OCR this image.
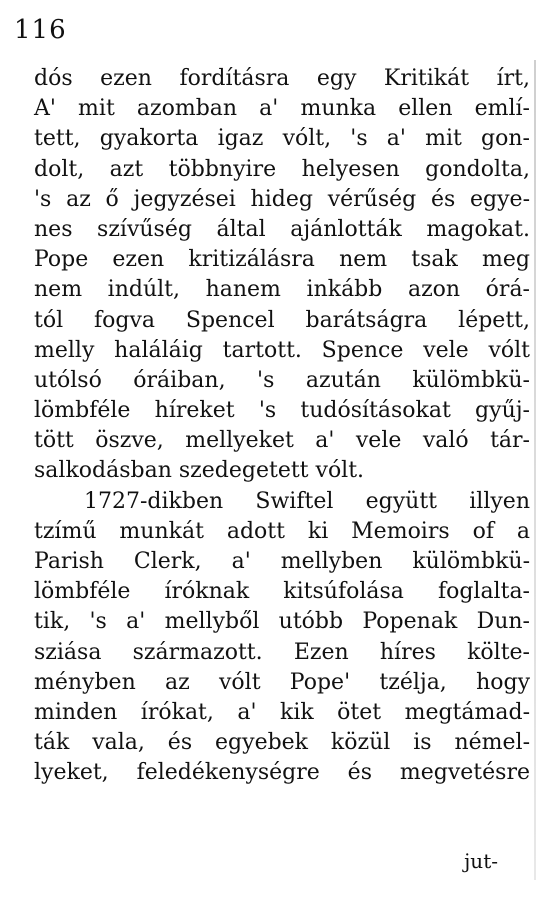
116
dós ezen fordításra egy Kritikát írt,
A' mit azomban a' munka ellen emlí-
tett, gyakorta igaz vólt, 's a' mit gon-
dolt, azt többnyire helyesen gondolta,
's az ő jegyzései hideg vérűség és egye-
nes szívűség által ajánlották magokat.
Pope ezen kritizálásra nem tsak meg
nem indúlt, hanem inkább azon órá-
tól fogva Spencel barátságra lépett,
melly haláláig tartott. Spence vele vólt
utólsó óráiban, 's azután külömbkü-
lömbféle híreket 's tudósításokat gyűj-
tött öszve, mellyeket a' vele való tár-
salkodásban szedegetett vólt.
1727-dikben Swiftel együtt illyen
tzímű munkát adott ki Memoirs of a
Parish Clerk, a' mellyben külömbkü-
lömbféle íróknak kitsúfolása foglalta-
tik, 's a' mellyből utóbb Popenak Dun-
sziása származott. Ezen híres költe-
ményben az vólt Pope' tzélja, hogy
minden írókat, a' kik ötet megtámad-
ták vala, és egyebek közül is némel-
lyeket, feledékenységre és megvetésre
jut-
